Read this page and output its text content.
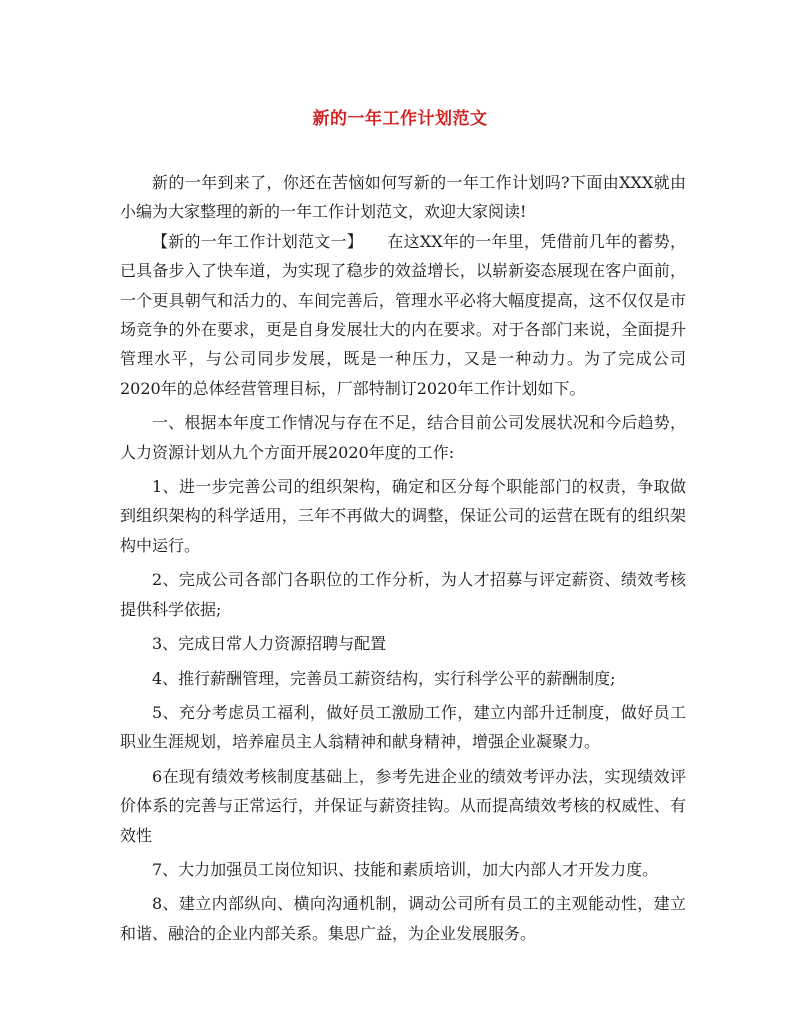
新的一年工作计划范文

新的一年到来了，你还在苦恼如何写新的一年工作计划吗?下面由XXX就由小编为大家整理的新的一年工作计划范文，欢迎大家阅读!

【新的一年工作计划范文一】　　在这XX年的一年里，凭借前几年的蓄势，已具备步入了快车道，为实现了稳步的效益增长，以崭新姿态展现在客户面前，一个更具朝气和活力的、车间完善后，管理水平必将大幅度提高，这不仅仅是市场竞争的外在要求，更是自身发展壮大的内在要求。对于各部门来说，全面提升管理水平，与公司同步发展，既是一种压力，又是一种动力。为了完成公司2020年的总体经营管理目标，厂部特制订2020年工作计划如下。

一、根据本年度工作情况与存在不足，结合目前公司发展状况和今后趋势，人力资源计划从九个方面开展2020年度的工作:

1、进一步完善公司的组织架构，确定和区分每个职能部门的权责，争取做到组织架构的科学适用，三年不再做大的调整，保证公司的运营在既有的组织架构中运行。

2、完成公司各部门各职位的工作分析，为人才招募与评定薪资、绩效考核提供科学依据;

3、完成日常人力资源招聘与配置

4、推行薪酬管理，完善员工薪资结构，实行科学公平的薪酬制度;

5、充分考虑员工福利，做好员工激励工作，建立内部升迁制度，做好员工职业生涯规划，培养雇员主人翁精神和献身精神，增强企业凝聚力。

6在现有绩效考核制度基础上，参考先进企业的绩效考评办法，实现绩效评价体系的完善与正常运行，并保证与薪资挂钩。从而提高绩效考核的权威性、有效性

7、大力加强员工岗位知识、技能和素质培训，加大内部人才开发力度。

8、建立内部纵向、横向沟通机制，调动公司所有员工的主观能动性，建立和谐、融洽的企业内部关系。集思广益，为企业发展服务。
